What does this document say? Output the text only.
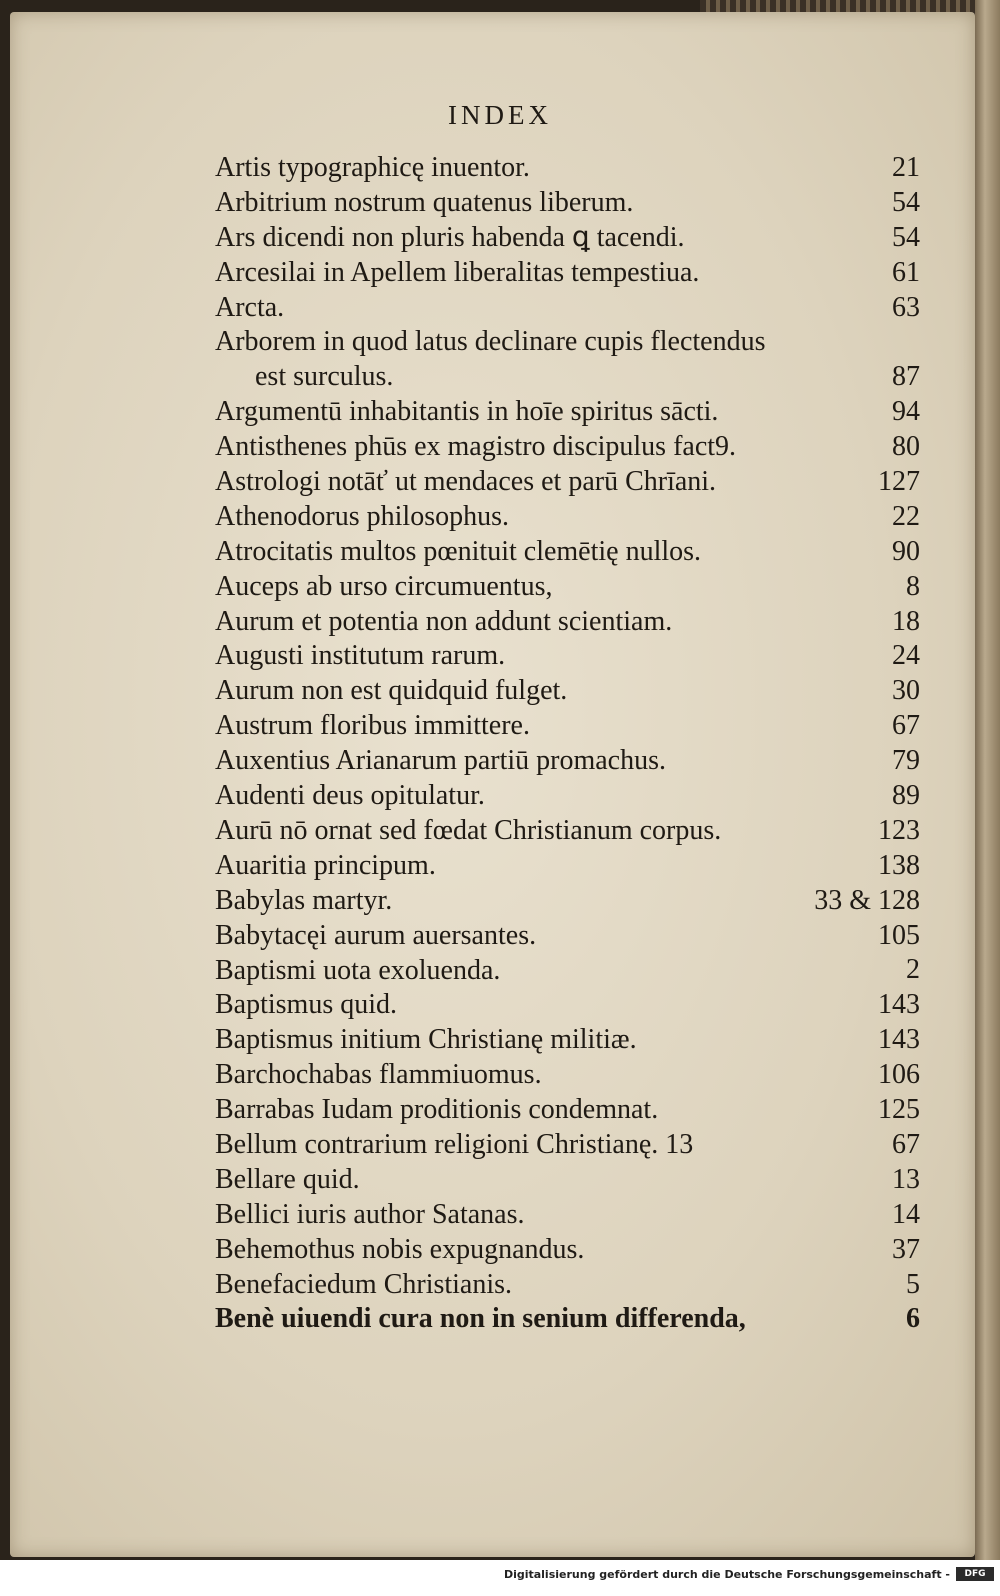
INDEX
Artis typographicę inuentor.	21
Arbitrium nostrum quatenus liberum.	54
Ars dicendi non pluris habenda ꝗ tacendi.	54
Arcesilai in Apellem liberalitas tempestiua.	61
Arcta.	63
Arborem in quod latus declinare cupis flectendus
est surculus.	87
Argumentū inhabitantis in hoīe spiritus sācti.	94
Antisthenes phūs ex magistro discipulus fact9.	80
Astrologi notāť ut mendaces et parū Chrīani.	127
Athenodorus philosophus.	22
Atrocitatis multos pœnituit clemētię nullos.	90
Auceps ab urso circumuentus,	8
Aurum et potentia non addunt scientiam.	18
Augusti institutum rarum.	24
Aurum non est quidquid fulget.	30
Austrum floribus immittere.	67
Auxentius Arianarum partiū promachus.	79
Audenti deus opitulatur.	89
Aurū nō ornat sed fœdat Christianum corpus.	123
Auaritia principum.	138
Babylas martyr.	33 & 128
Babytacęi aurum auersantes.	105
Baptismi uota exoluenda.	2
Baptismus quid.	143
Baptismus initium Christianę militiæ.	143
Barchochabas flammiuomus.	106
Barrabas Iudam proditionis condemnat.	125
Bellum contrarium religioni Christianę. 13	67
Bellare quid.	13
Bellici iuris author Satanas.	14
Behemothus nobis expugnandus.	37
Benefaciedum Christianis.	5
Benè uiuendi cura non in senium differenda,	6
Digitalisierung gefördert durch die Deutsche Forschungsgemeinschaft -	DFG
